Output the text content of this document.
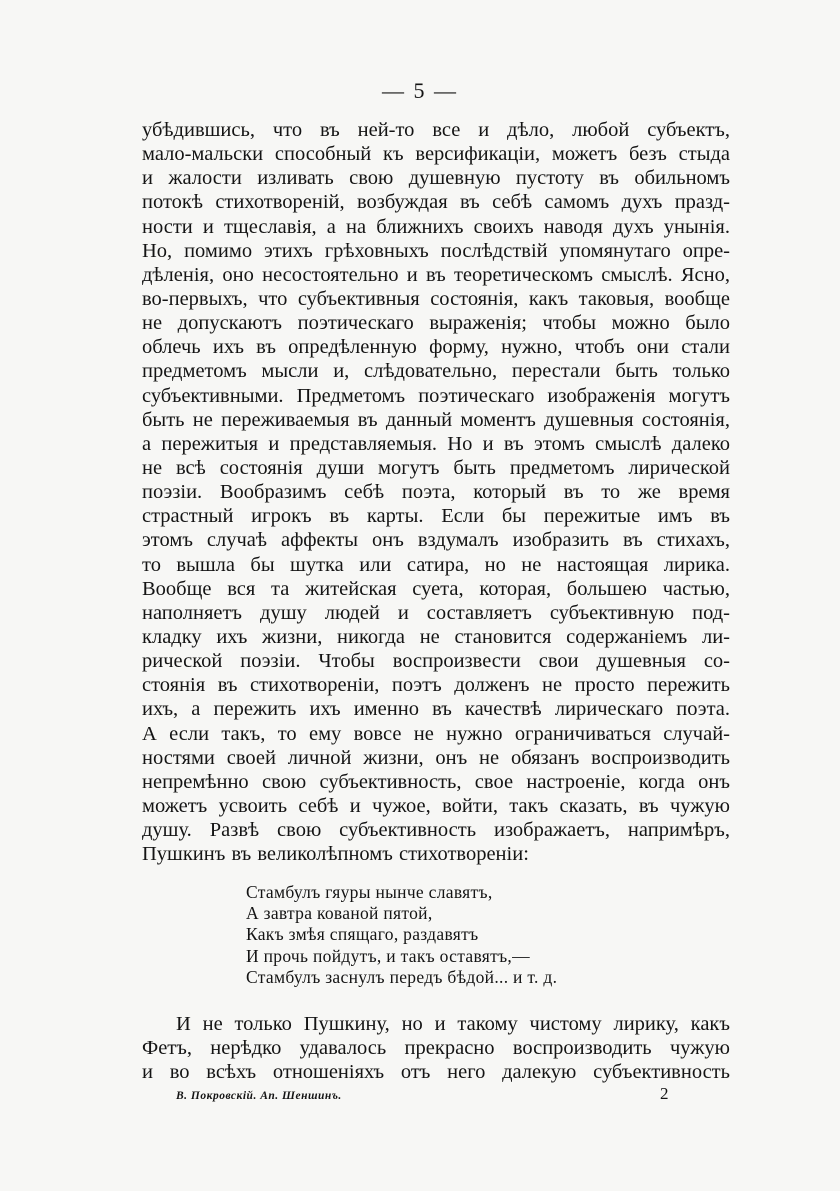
— 5 —
убѣдившись, что въ ней-то все и дѣло, любой субъектъ,
мало-мальски способный къ версификаціи, можетъ безъ стыда
и жалости изливать свою душевную пустоту въ обильномъ
потокѣ стихотвореній, возбуждая въ себѣ самомъ духъ празд-
ности и тщеславія, а на ближнихъ своихъ наводя духъ унынія.
Но, помимо этихъ грѣховныхъ послѣдствій упомянутаго опре-
дѣленія, оно несостоятельно и въ теоретическомъ смыслѣ. Ясно,
во-первыхъ, что субъективныя состоянія, какъ таковыя, вообще
не допускаютъ поэтическаго выраженія; чтобы можно было
облечь ихъ въ опредѣленную форму, нужно, чтобъ они стали
предметомъ мысли и, слѣдовательно, перестали быть только
субъективными. Предметомъ поэтическаго изображенія могутъ
быть не переживаемыя въ данный моментъ душевныя состоянія,
а пережитыя и представляемыя. Но и въ этомъ смыслѣ далеко
не всѣ состоянія души могутъ быть предметомъ лирической
поэзіи. Вообразимъ себѣ поэта, который въ то же время
страстный игрокъ въ карты. Если бы пережитые имъ въ
этомъ случаѣ аффекты онъ вздумалъ изобразить въ стихахъ,
то вышла бы шутка или сатира, но не настоящая лирика.
Вообще вся та житейская суета, которая, большею частью,
наполняетъ душу людей и составляетъ субъективную под-
кладку ихъ жизни, никогда не становится содержаніемъ ли-
рической поэзіи. Чтобы воспроизвести свои душевныя со-
стоянія въ стихотвореніи, поэтъ долженъ не просто пережить
ихъ, а пережить ихъ именно въ качествѣ лирическаго поэта.
А если такъ, то ему вовсе не нужно ограничиваться случай-
ностями своей личной жизни, онъ не обязанъ воспроизводить
непремѣнно свою субъективность, свое настроеніе, когда онъ
можетъ усвоить себѣ и чужое, войти, такъ сказать, въ чужую
душу. Развѣ свою субъективность изображаетъ, напримѣръ,
Пушкинъ въ великолѣпномъ стихотвореніи:
Стамбулъ гяуры нынче славятъ,
А завтра кованой пятой,
Какъ змѣя спящаго, раздавятъ
И прочь пойдутъ, и такъ оставятъ,—
Стамбулъ заснулъ передъ бѣдой... и т. д.
И не только Пушкину, но и такому чистому лирику, какъ
Фетъ, нерѣдко удавалось прекрасно воспроизводить чужую
и во всѣхъ отношеніяхъ отъ него далекую субъективность
В. Покровскій. Ап. Шеншинъ.	2
